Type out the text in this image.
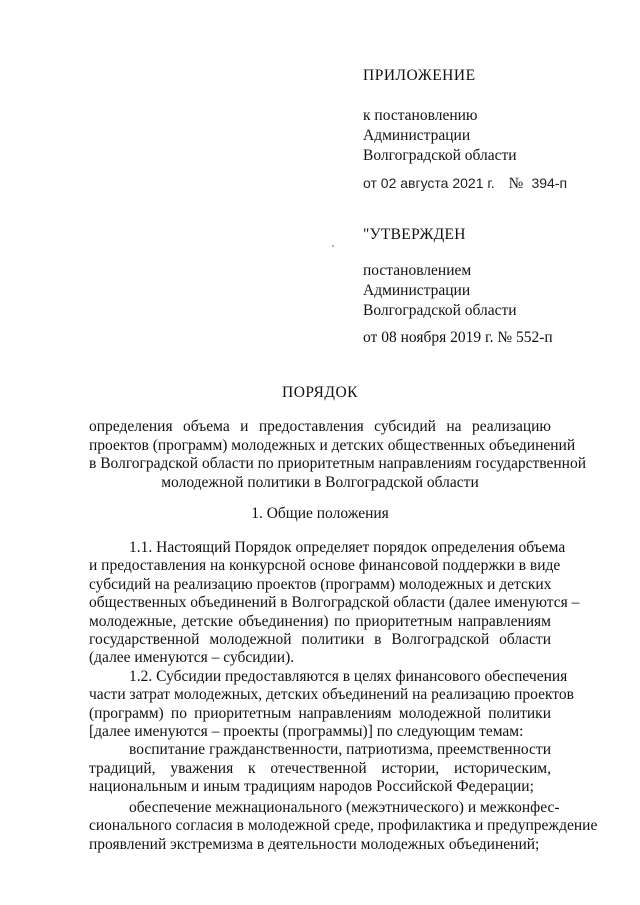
ПРИЛОЖЕНИЕ
к постановлению
Администрации
Волгоградской области
от 02 августа 2021 г. № 394-п
"УТВЕРЖДЕН
постановлением
Администрации
Волгоградской области
от 08 ноября 2019 г. № 552-п
ПОРЯДОК
определения объема и предоставления субсидий на реализацию
проектов (программ) молодежных и детских общественных объединений
в Волгоградской области по приоритетным направлениям государственной
молодежной политики в Волгоградской области
1. Общие положения
1.1. Настоящий Порядок определяет порядок определения объема
и предоставления на конкурсной основе финансовой поддержки в виде
субсидий на реализацию проектов (программ) молодежных и детских
общественных объединений в Волгоградской области (далее именуются –
молодежные, детские объединения) по приоритетным направлениям
государственной молодежной политики в Волгоградской области
(далее именуются – субсидии).
1.2. Субсидии предоставляются в целях финансового обеспечения
части затрат молодежных, детских объединений на реализацию проектов
(программ) по приоритетным направлениям молодежной политики
[далее именуются – проекты (программы)] по следующим темам:
воспитание гражданственности, патриотизма, преемственности
традиций, уважения к отечественной истории, историческим,
национальным и иным традициям народов Российской Федерации;
обеспечение межнационального (межэтнического) и межконфес-
сионального согласия в молодежной среде, профилактика и предупреждение
проявлений экстремизма в деятельности молодежных объединений;
